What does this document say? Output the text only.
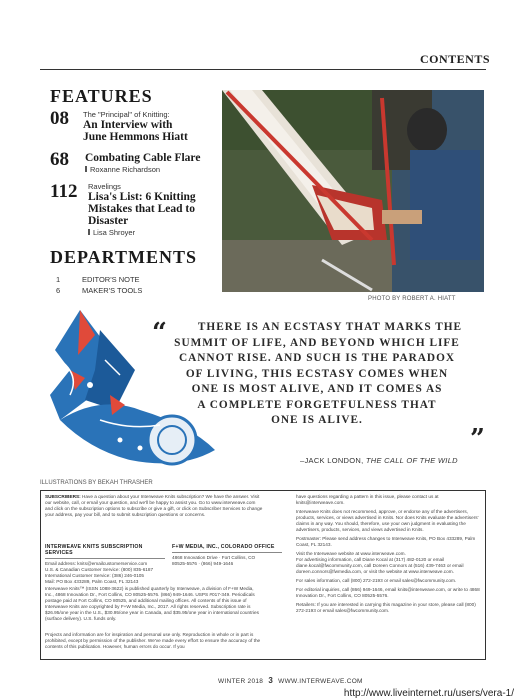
CONTENTS
FEATURES
08 The "Principal" of Knitting:
An Interview with
June Hemmons Hiatt
68 Combating Cable Flare
Roxanne Richardson
112 Ravelings
Lisa's List: 6 Knitting
Mistakes that Lead to
Disaster
Lisa Shroyer
DEPARTMENTS
1	EDITOR'S NOTE
6	MAKER'S TOOLS
PHOTO BY ROBERT A. HIATT
“	THERE IS AN ECSTASY THAT MARKS THE
SUMMIT OF LIFE, AND BEYOND WHICH LIFE
CANNOT RISE. AND SUCH IS THE PARADOX
OF LIVING, THIS ECSTASY COMES WHEN
ONE IS MOST ALIVE, AND IT COMES AS
A COMPLETE FORGETFULNESS THAT
ONE IS ALIVE.
”
–JACK LONDON, THE CALL OF THE WILD
ILLUSTRATIONS BY BEKAH THRASHER
SUBSCRIBERS: Have a question about your Interweave Knits subscription? We have the answer. Visit our website, call, or email your question, and we'll be happy to assist you. Go to www.interweave.com and click on the subscription options to subscribe or give a gift, or click on Subscriber Services to change your address, pay your bill, and to submit subscription questions or concerns.
INTERWEAVE KNITS SUBSCRIPTION SERVICES
Email address: knits@emailcustomerservice.com
U.S. & Canadian Customer Service: (800) 835-6187
International Customer Service: (386) 246-0105
Mail: PO Box 433289, Palm Coast, FL 32143
F+W MEDIA, INC., COLORADO OFFICE
4868 Innovation Drive · Fort Collins, CO
80525-5576 · (866) 949-1646
Interweave Knits™ (ISSN 1088-3622) is published quarterly by Interweave, a division of F+W Media, Inc., 4868 Innovation Dr., Fort Collins, CO 80525-5576. (866) 949-1646. USPS #017-349. Periodicals postage paid at Fort Collins, CO 80525, and additional mailing offices. All contents of this issue of Interweave Knits are copyrighted by F+W Media, Inc., 2017. All rights reserved. Subscription rate is $26.95/one year in the U.S., $30.95/one year in Canada, and $35.95/one year in international countries (surface delivery). U.S. funds only.
Projects and information are for inspiration and personal use only. Reproduction in whole or in part is prohibited, except by permission of the publisher. We've made every effort to ensure the accuracy of the contents of this publication. However, human errors do occur. If you
have questions regarding a pattern in this issue, please contact us at knits@interweave.com.
Interweave Knits does not recommend, approve, or endorse any of the advertisers, products, services, or views advertised in Knits. Nor does Knits evaluate the advertisers' claims in any way. You should, therefore, use your own judgment in evaluating the advertisers, products, services, and views advertised in Knits.
Postmaster: Please send address changes to Interweave Knits, PO Box 433289, Palm Coast, FL 32143.
Visit the Interweave website at www.interweave.com.
For advertising information, call Diane Kocal at (317) 482-0120 or email diane.kocal@fwcommunity.com, call Doreen Connors at (516) 439-7463 or email doreen.connors@fwmedia.com, or visit the website at www.interweave.com.
For sales information, call (800) 272-2193 or email sales@fwcommunity.com.
For editorial inquiries, call (866) 949-1646, email knits@interweave.com, or write to 4868 Innovation Dr., Fort Collins, CO 80525-5576.
Retailers: If you are interested in carrying this magazine in your store, please call (800) 272-2193 or email sales@fwcommunity.com.
WINTER 2018 3 WWW.INTERWEAVE.COM
http://www.liveinternet.ru/users/vera-1/
